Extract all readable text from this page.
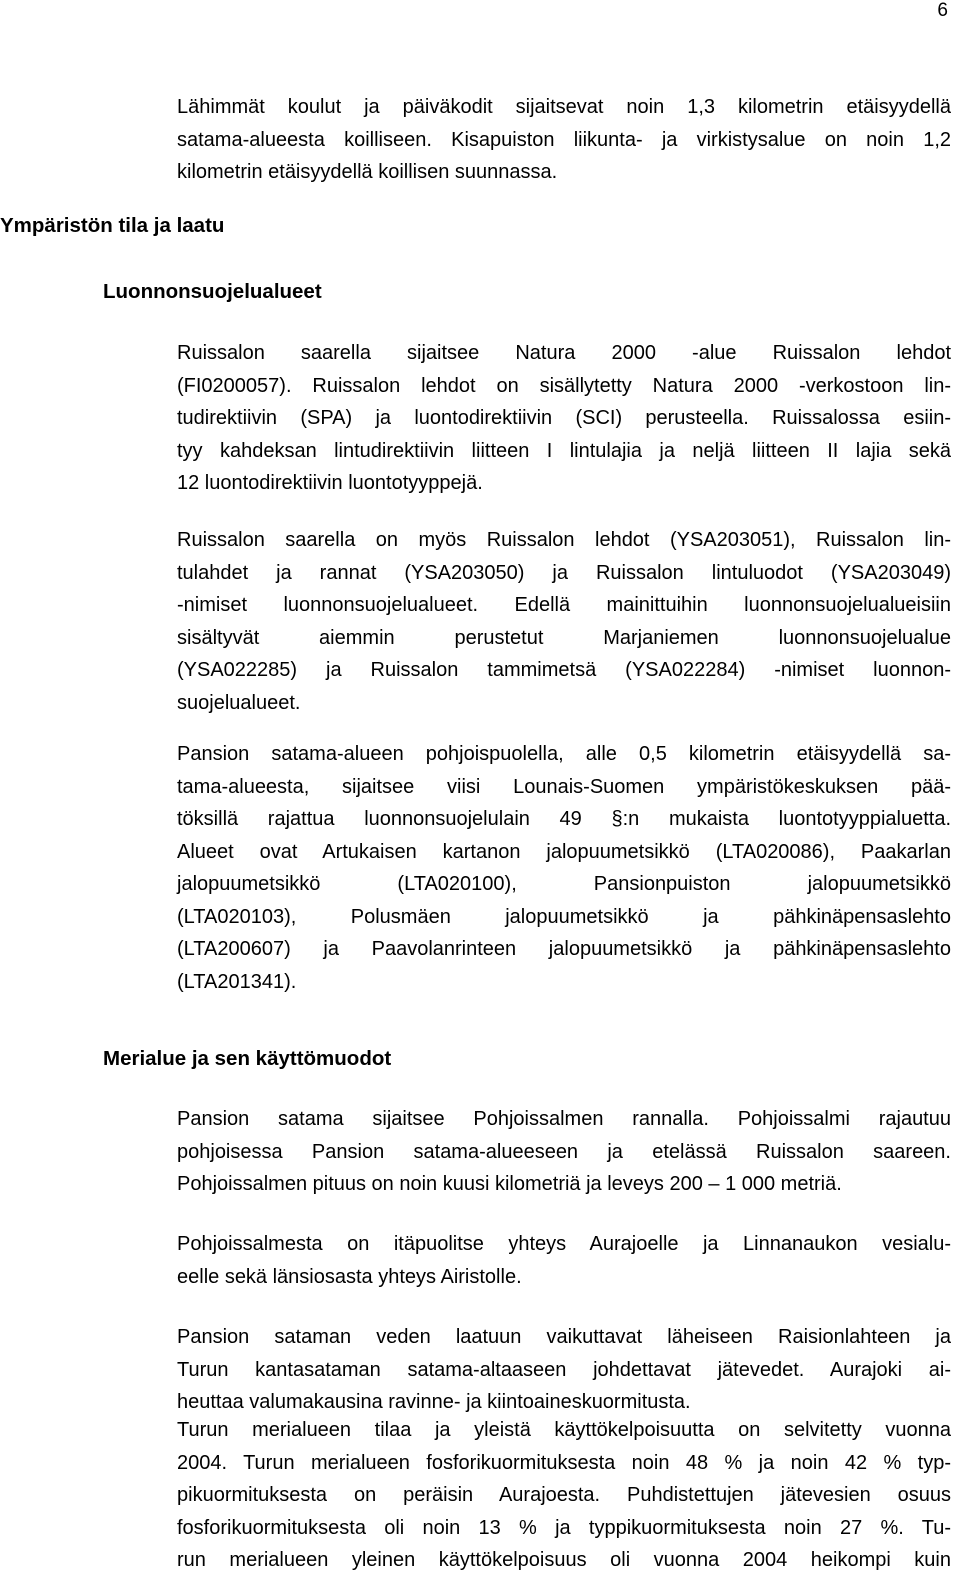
6
Ympäristön tila ja laatu
Luonnonsuojelualueet
Merialue ja sen käyttömuodot
Lähimmät koulut ja päiväkodit sijaitsevat noin 1,3 kilometrin etäisyydellä
satama-alueesta koilliseen. Kisapuiston liikunta- ja virkistysalue on noin 1,2
kilometrin etäisyydellä koillisen suunnassa.
Ruissalon saarella sijaitsee Natura 2000 -alue Ruissalon lehdot
(FI0200057). Ruissalon lehdot on sisällytetty Natura 2000 -verkostoon lin-
tudirektiivin (SPA) ja luontodirektiivin (SCI) perusteella. Ruissalossa esiin-
tyy kahdeksan lintudirektiivin liitteen I lintulajia ja neljä liitteen II lajia sekä
12 luontodirektiivin luontotyyppejä.
Ruissalon saarella on myös Ruissalon lehdot (YSA203051), Ruissalon lin-
tulahdet ja rannat (YSA203050) ja Ruissalon lintuluodot (YSA203049)
-nimiset luonnonsuojelualueet. Edellä mainittuihin luonnonsuojelualueisiin
sisältyvät aiemmin perustetut Marjaniemen luonnonsuojelualue
(YSA022285) ja Ruissalon tammimetsä (YSA022284) -nimiset luonnon-
suojelualueet.
Pansion satama-alueen pohjoispuolella, alle 0,5 kilometrin etäisyydellä sa-
tama-alueesta, sijaitsee viisi Lounais-Suomen ympäristökeskuksen pää-
töksillä rajattua luonnonsuojelulain 49 §:n mukaista luontotyyppialuetta.
Alueet ovat Artukaisen kartanon jalopuumetsikkö (LTA020086), Paakarlan
jalopuumetsikkö (LTA020100), Pansionpuiston jalopuumetsikkö
(LTA020103), Polusmäen jalopuumetsikkö ja pähkinäpensaslehto
(LTA200607) ja Paavolanrinteen jalopuumetsikkö ja pähkinäpensaslehto
(LTA201341).
Pansion satama sijaitsee Pohjoissalmen rannalla. Pohjoissalmi rajautuu
pohjoisessa Pansion satama-alueeseen ja etelässä Ruissalon saareen.
Pohjoissalmen pituus on noin kuusi kilometriä ja leveys 200 – 1 000 metriä.
Pohjoissalmesta on itäpuolitse yhteys Aurajoelle ja Linnanaukon vesialu-
eelle sekä länsiosasta yhteys Airistolle.
Pansion sataman veden laatuun vaikuttavat läheiseen Raisionlahteen ja
Turun kantasataman satama-altaaseen johdettavat jätevedet. Aurajoki ai-
heuttaa valumakausina ravinne- ja kiintoaineskuormitusta.
Turun merialueen tilaa ja yleistä käyttökelpoisuutta on selvitetty vuonna
2004. Turun merialueen fosforikuormituksesta noin 48 % ja noin 42 % typ-
pikuormituksesta on peräisin Aurajoesta. Puhdistettujen jätevesien osuus
fosforikuormituksesta oli noin 13 % ja typpikuormituksesta noin 27 %. Tu-
run merialueen yleinen käyttökelpoisuus oli vuonna 2004 heikompi kuin
